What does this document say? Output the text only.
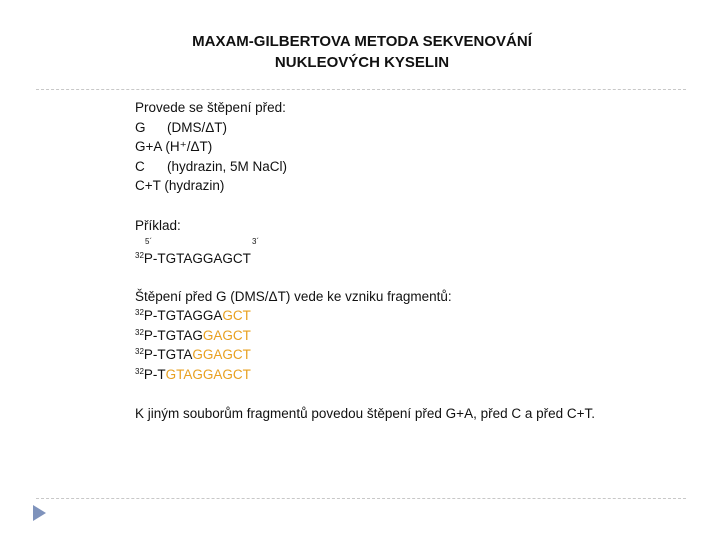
MAXAM-GILBERTOVA METODA SEKVENOVÁNÍ
NUKLEOVÝCH KYSELIN
Provede se štěpení před:
G (DMS/ΔT)
G+A (H⁺/ΔT)
C (hydrazin, 5M NaCl)
C+T (hydrazin)
Příklad:
5´	3´
$^{32}$P-TGTAGGAGCT
Štěpení před G (DMS/ΔT) vede ke vzniku fragmentů:
$^{32}$P-TGTAGGAGCT
$^{32}$P-TGTAGGAGCT
$^{32}$P-TGTAGGAGCT
$^{32}$P-TGTAGGAGCT
K jiným souborům fragmentů povedou štěpení před G+A, před C a před C+T.
